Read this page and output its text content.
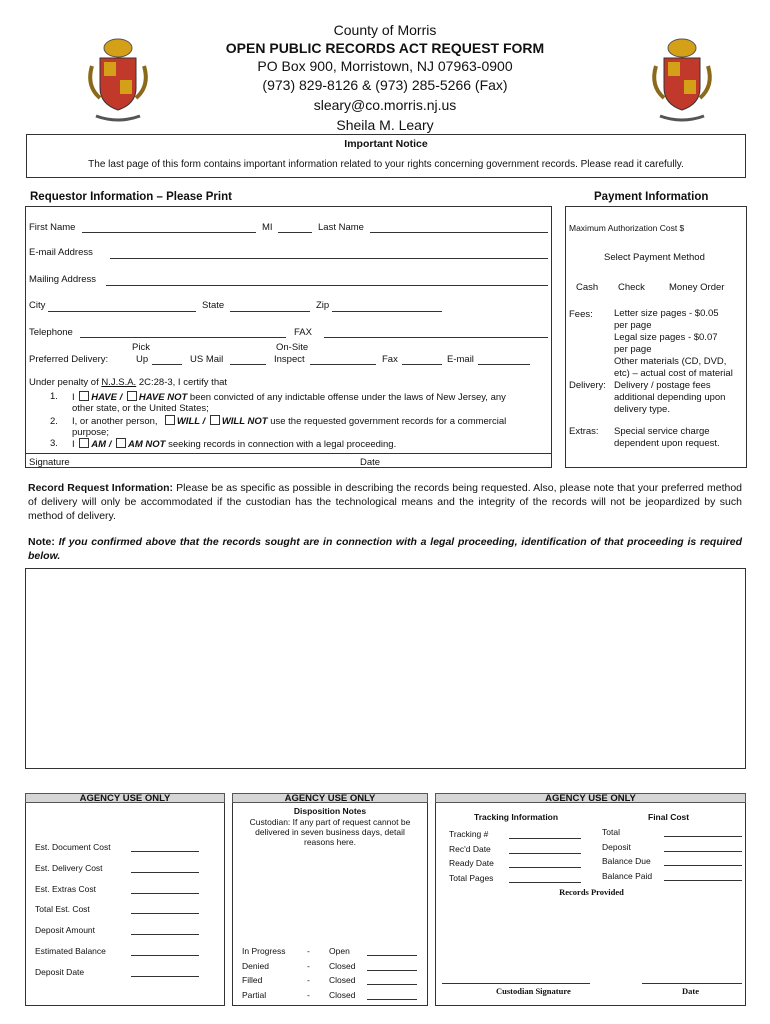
County of Morris
OPEN PUBLIC RECORDS ACT REQUEST FORM
PO Box 900, Morristown, NJ 07963-0900
(973) 829-8126 & (973) 285-5266 (Fax)
sleary@co.morris.nj.us
Sheila M. Leary
Important Notice
The last page of this form contains important information related to your rights concerning government records. Please read it carefully.
Requestor Information – Please Print	Payment Information
First Name	MI	Last Name
E-mail Address
Mailing Address
City	State	Zip
Telephone	FAX
Pick	On-Site
Preferred Delivery:	Up	US Mail	Inspect	Fax	E-mail
Under penalty of N.J.S.A. 2C:28-3, I certify that
1. I HAVE / HAVE NOT been convicted of any indictable offense under the laws of New Jersey, any
other state, or the United States;
2. I, or another person, WILL / WILL NOT use the requested government records for a commercial
purpose;
3. I AM / AM NOT seeking records in connection with a legal proceeding.
Signature	Date
Maximum Authorization Cost $
Select Payment Method
Cash Check	Money Order
Fees: Letter size pages - $0.05
per page
Legal size pages - $0.07
per page
Other materials (CD, DVD,
etc) – actual cost of material
Delivery: Delivery / postage fees
additional depending upon
delivery type.
Extras: Special service charge
dependent upon request.
Record Request Information: Please be as specific as possible in describing the records being requested. Also, please note that your preferred method of delivery will only be accommodated if the custodian has the technological means and the integrity of the records will not be jeopardized by such method of delivery.
Note: If you confirmed above that the records sought are in connection with a legal proceeding, identification of that proceeding is required below.
AGENCY USE ONLY
Est. Document Cost
Est. Delivery Cost
Est. Extras Cost
Total Est. Cost
Deposit Amount
Estimated Balance
Deposit Date
AGENCY USE ONLY
Disposition Notes
Custodian: If any part of request cannot be delivered in seven business days, detail reasons here.
In Progress	- Open
Denied	- Closed
Filled	- Closed
Partial	- Closed
AGENCY USE ONLY
Tracking Information	Final Cost
Tracking #
Rec'd Date
Ready Date
Total Pages
Total
Deposit
Balance Due
Balance Paid
Records Provided
Custodian Signature	Date
